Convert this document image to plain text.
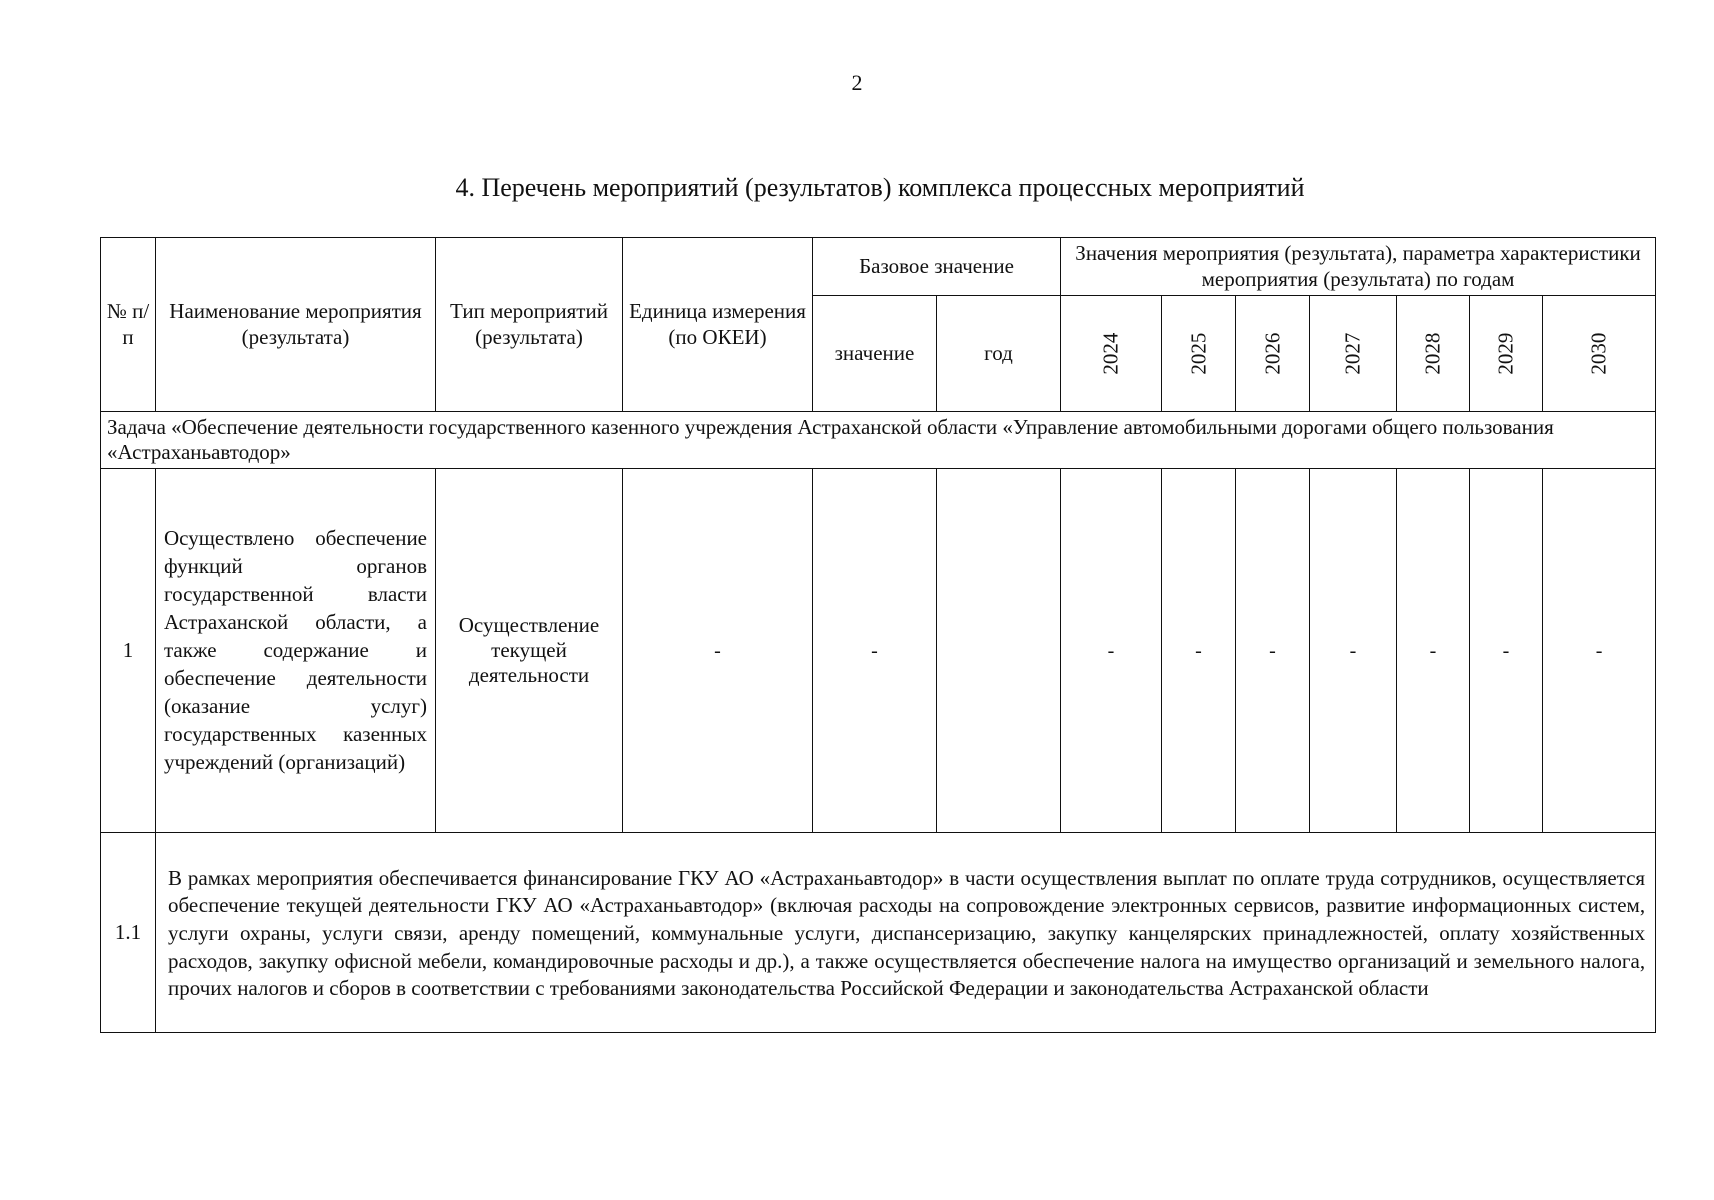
2
4. Перечень мероприятий (результатов) комплекса процессных мероприятий
№ п/п	Наименование мероприятия (результата)	Тип мероприятий (результата)	Единица измерения (по ОКЕИ)	Базовое значение		Значения мероприятия (результата), параметра характеристики мероприятия (результата) по годам						
				значение	год	2024	2025	2026	2027	2028	2029	2030
Задача «Обеспечение деятельности государственного казенного учреждения Астраханской области «Управление автомобильными дорогами общего пользования «Астраханьавтодор»												
1	Осуществлено обеспечение функций органов государственной власти Астраханской области, а также содержание и обеспечение деятельности (оказание услуг) государственных казенных учреждений (организаций)	Осуществление текущей деятельности	-	-		-	-	-	-	-	-	-
1.1	В рамках мероприятия обеспечивается финансирование ГКУ АО «Астраханьавтодор» в части осуществления выплат по оплате труда сотрудников, осуществляется обеспечение текущей деятельности ГКУ АО «Астраханьавтодор» (включая расходы на сопровождение электронных сервисов, развитие информационных систем, услуги охраны, услуги связи, аренду помещений, коммунальные услуги, диспансеризацию, закупку канцелярских принадлежностей, оплату хозяйственных расходов, закупку офисной мебели, командировочные расходы и др.), а также осуществляется обеспечение налога на имущество организаций и земельного налога, прочих налогов и сборов в соответствии с требованиями законодательства Российской Федерации и законодательства Астраханской области											
